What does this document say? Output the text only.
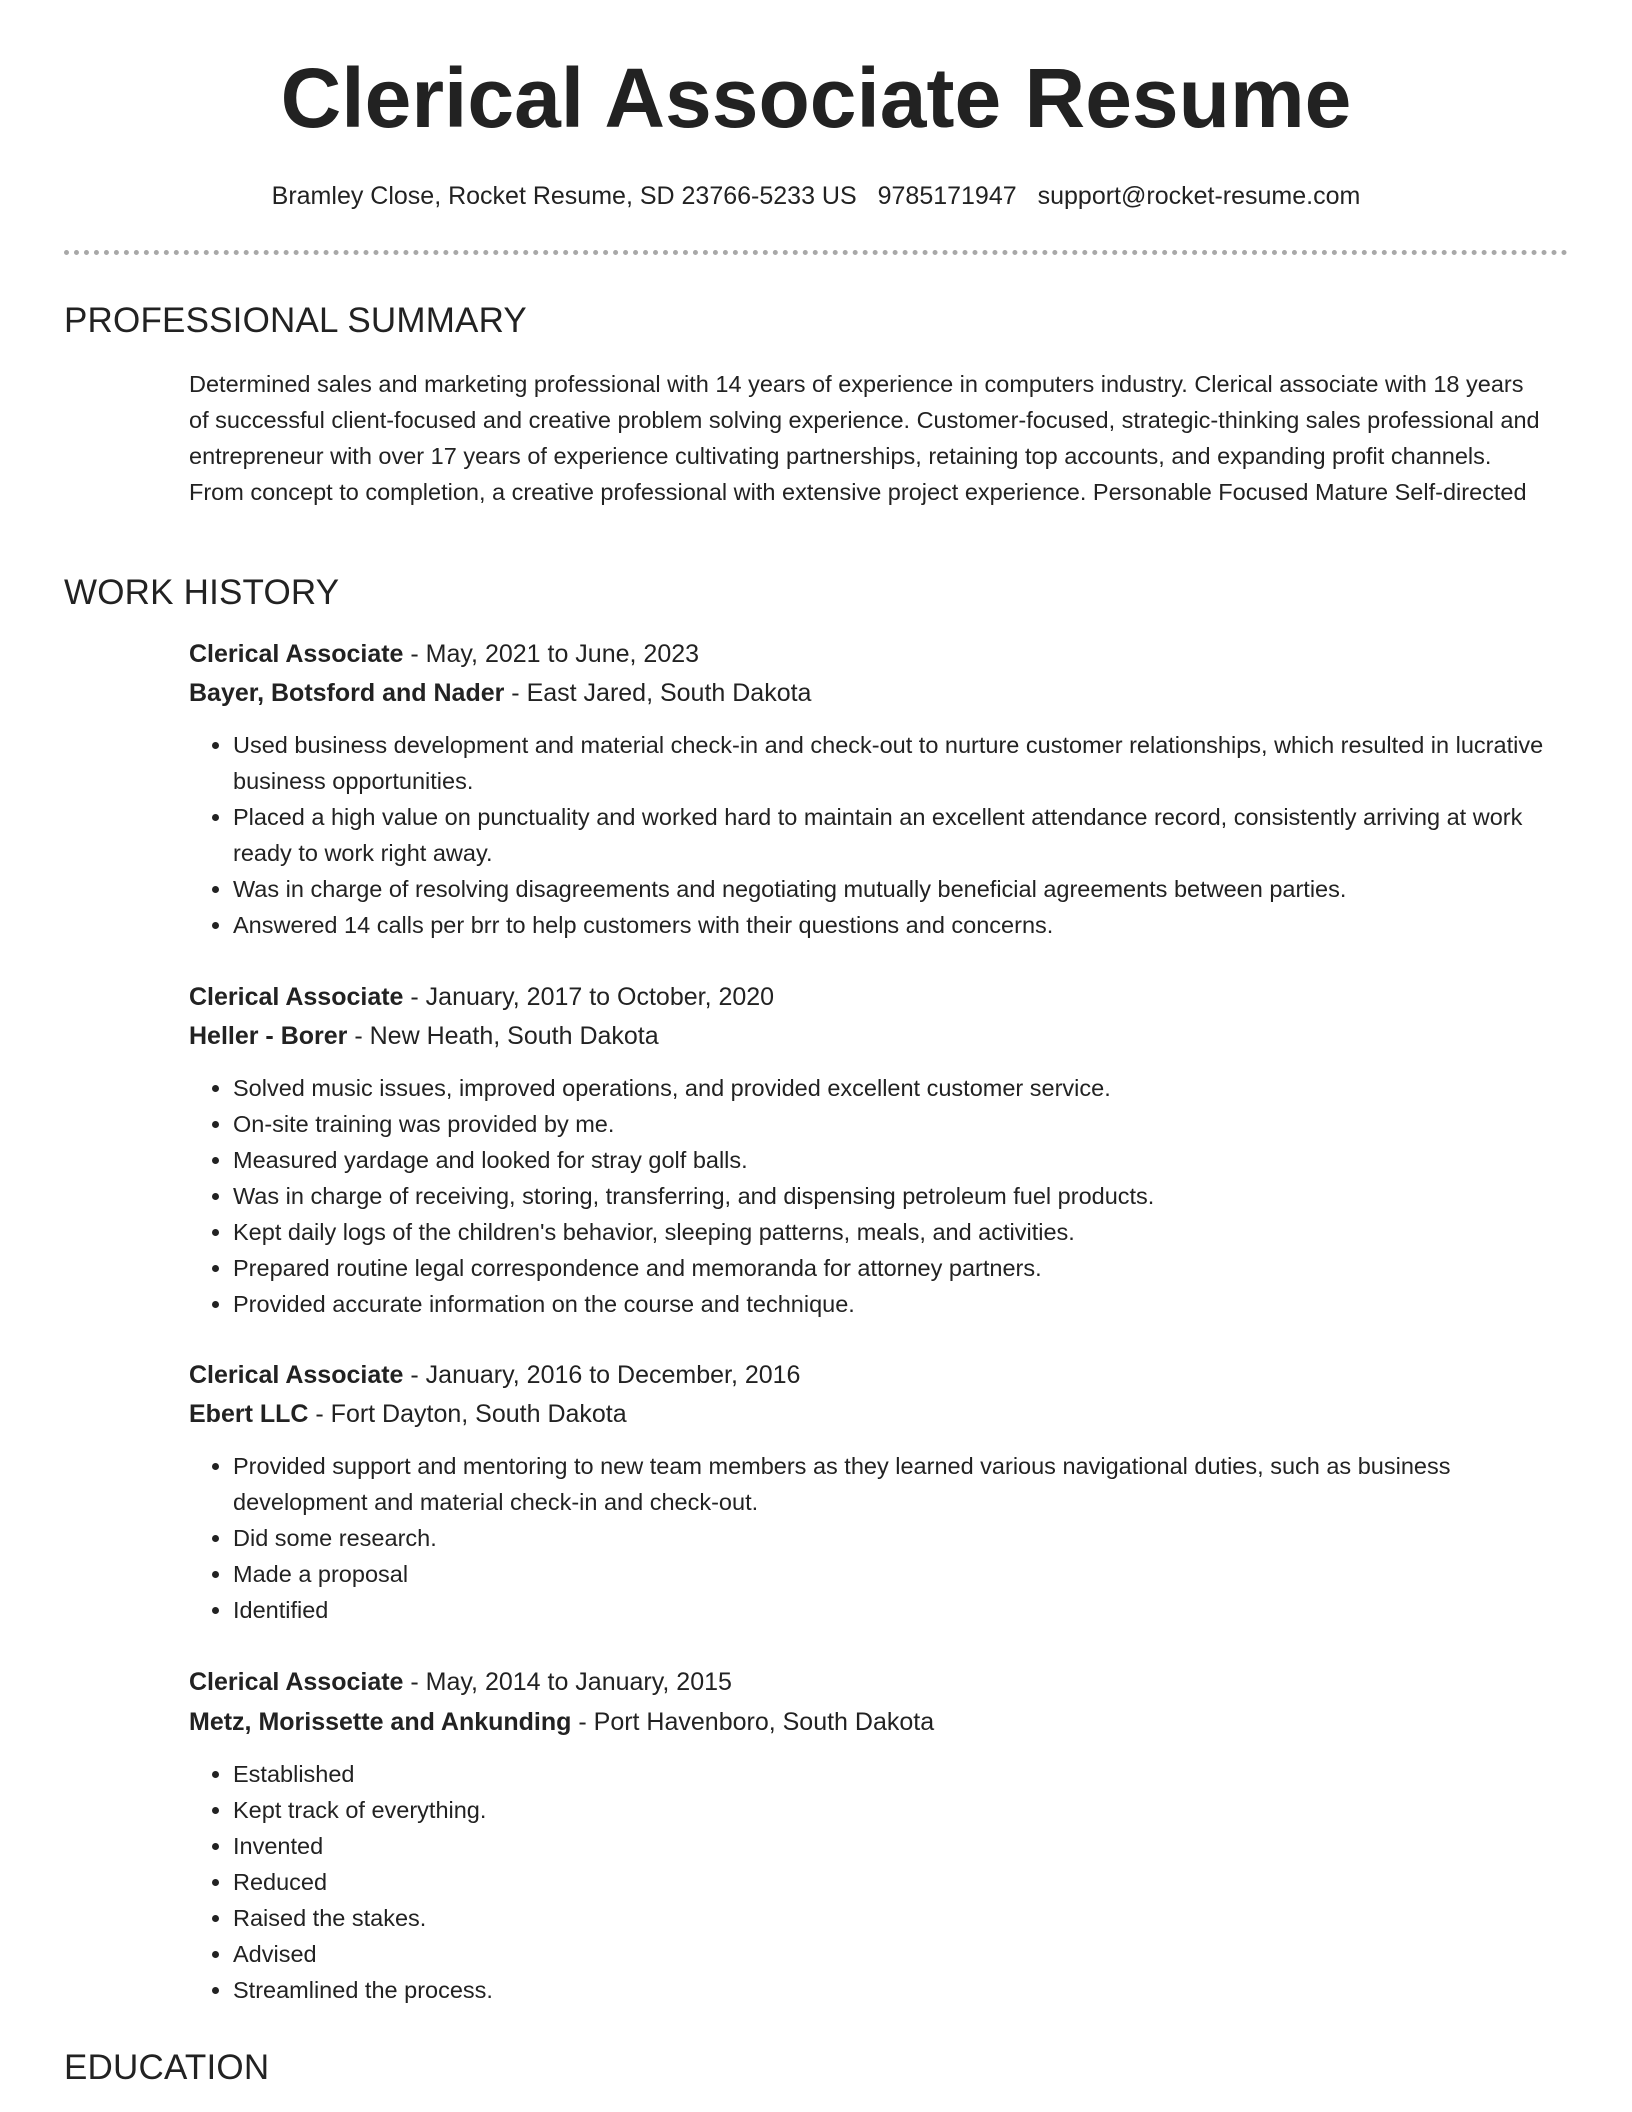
Clerical Associate Resume
Bramley Close, Rocket Resume, SD 23766-5233 US 9785171947 support@rocket-resume.com
PROFESSIONAL SUMMARY
Determined sales and marketing professional with 14 years of experience in computers industry. Clerical associate with 18 years of successful client-focused and creative problem solving experience. Customer-focused, strategic-thinking sales professional and entrepreneur with over 17 years of experience cultivating partnerships, retaining top accounts, and expanding profit channels. From concept to completion, a creative professional with extensive project experience. Personable Focused Mature Self-directed
WORK HISTORY
Clerical Associate - May, 2021 to June, 2023
Bayer, Botsford and Nader - East Jared, South Dakota
• Used business development and material check-in and check-out to nurture customer relationships, which resulted in lucrative business opportunities.
• Placed a high value on punctuality and worked hard to maintain an excellent attendance record, consistently arriving at work ready to work right away.
• Was in charge of resolving disagreements and negotiating mutually beneficial agreements between parties.
• Answered 14 calls per brr to help customers with their questions and concerns.
Clerical Associate - January, 2017 to October, 2020
Heller - Borer - New Heath, South Dakota
• Solved music issues, improved operations, and provided excellent customer service.
• On-site training was provided by me.
• Measured yardage and looked for stray golf balls.
• Was in charge of receiving, storing, transferring, and dispensing petroleum fuel products.
• Kept daily logs of the children's behavior, sleeping patterns, meals, and activities.
• Prepared routine legal correspondence and memoranda for attorney partners.
• Provided accurate information on the course and technique.
Clerical Associate - January, 2016 to December, 2016
Ebert LLC - Fort Dayton, South Dakota
• Provided support and mentoring to new team members as they learned various navigational duties, such as business development and material check-in and check-out.
• Did some research.
• Made a proposal
• Identified
Clerical Associate - May, 2014 to January, 2015
Metz, Morissette and Ankunding - Port Havenboro, South Dakota
• Established
• Kept track of everything.
• Invented
• Reduced
• Raised the stakes.
• Advised
• Streamlined the process.
EDUCATION
